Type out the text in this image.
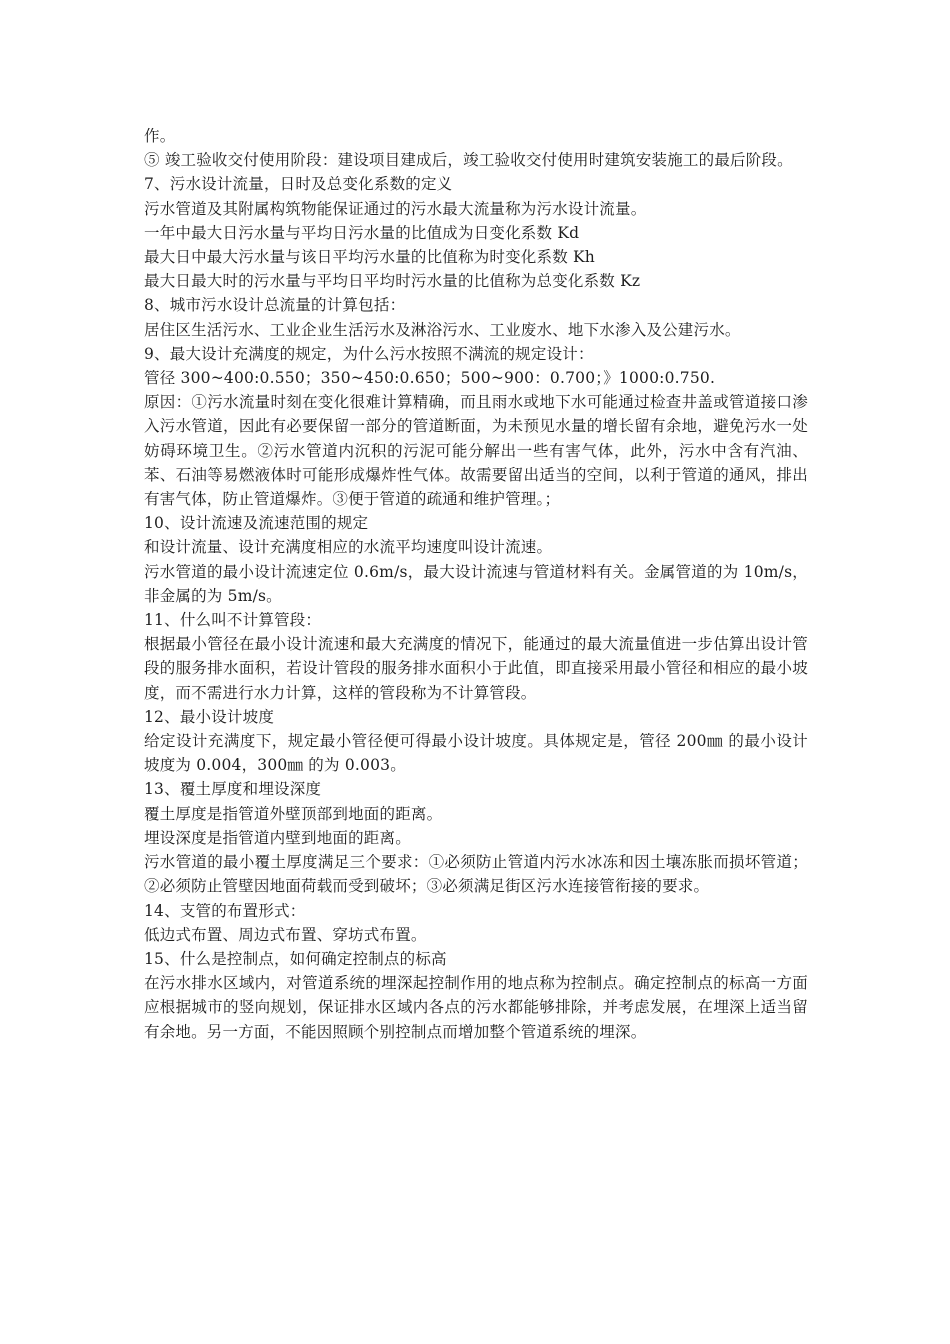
作。

⑤ 竣工验收交付使用阶段：建设项目建成后，竣工验收交付使用时建筑安装施工的最后阶段。

7、污水设计流量，日时及总变化系数的定义

污水管道及其附属构筑物能保证通过的污水最大流量称为污水设计流量。

一年中最大日污水量与平均日污水量的比值成为日变化系数 Kd

最大日中最大污水量与该日平均污水量的比值称为时变化系数 Kh

最大日最大时的污水量与平均日平均时污水量的比值称为总变化系数 Kz

8、城市污水设计总流量的计算包括：

居住区生活污水、工业企业生活污水及淋浴污水、工业废水、地下水渗入及公建污水。

9、最大设计充满度的规定，为什么污水按照不满流的规定设计：

管径 300~400:0.550；350~450:0.650；500~900：0.700；》1000:0.750.

原因：①污水流量时刻在变化很难计算精确，而且雨水或地下水可能通过检查井盖或管道接口渗入污水管道，因此有必要保留一部分的管道断面，为未预见水量的增长留有余地，避免污水一处妨碍环境卫生。②污水管道内沉积的污泥可能分解出一些有害气体，此外，污水中含有汽油、苯、石油等易燃液体时可能形成爆炸性气体。故需要留出适当的空间，以利于管道的通风，排出有害气体，防止管道爆炸。③便于管道的疏通和维护管理。；

10、设计流速及流速范围的规定

和设计流量、设计充满度相应的水流平均速度叫设计流速。

污水管道的最小设计流速定位 0.6m/s，最大设计流速与管道材料有关。金属管道的为 10m/s，非金属的为 5m/s。

11、什么叫不计算管段：

根据最小管径在最小设计流速和最大充满度的情况下，能通过的最大流量值进一步估算出设计管段的服务排水面积，若设计管段的服务排水面积小于此值，即直接采用最小管径和相应的最小坡度，而不需进行水力计算，这样的管段称为不计算管段。

12、最小设计坡度

给定设计充满度下，规定最小管径便可得最小设计坡度。具体规定是，管径 200㎜ 的最小设计坡度为 0.004，300㎜ 的为 0.003。

13、覆土厚度和埋设深度

覆土厚度是指管道外壁顶部到地面的距离。

埋设深度是指管道内壁到地面的距离。

污水管道的最小覆土厚度满足三个要求：①必须防止管道内污水冰冻和因土壤冻胀而损坏管道；②必须防止管壁因地面荷载而受到破坏；③必须满足街区污水连接管衔接的要求。

14、支管的布置形式：

低边式布置、周边式布置、穿坊式布置。

15、什么是控制点，如何确定控制点的标高

在污水排水区域内，对管道系统的埋深起控制作用的地点称为控制点。确定控制点的标高一方面应根据城市的竖向规划，保证排水区域内各点的污水都能够排除，并考虑发展，在埋深上适当留有余地。另一方面，不能因照顾个别控制点而增加整个管道系统的埋深。
